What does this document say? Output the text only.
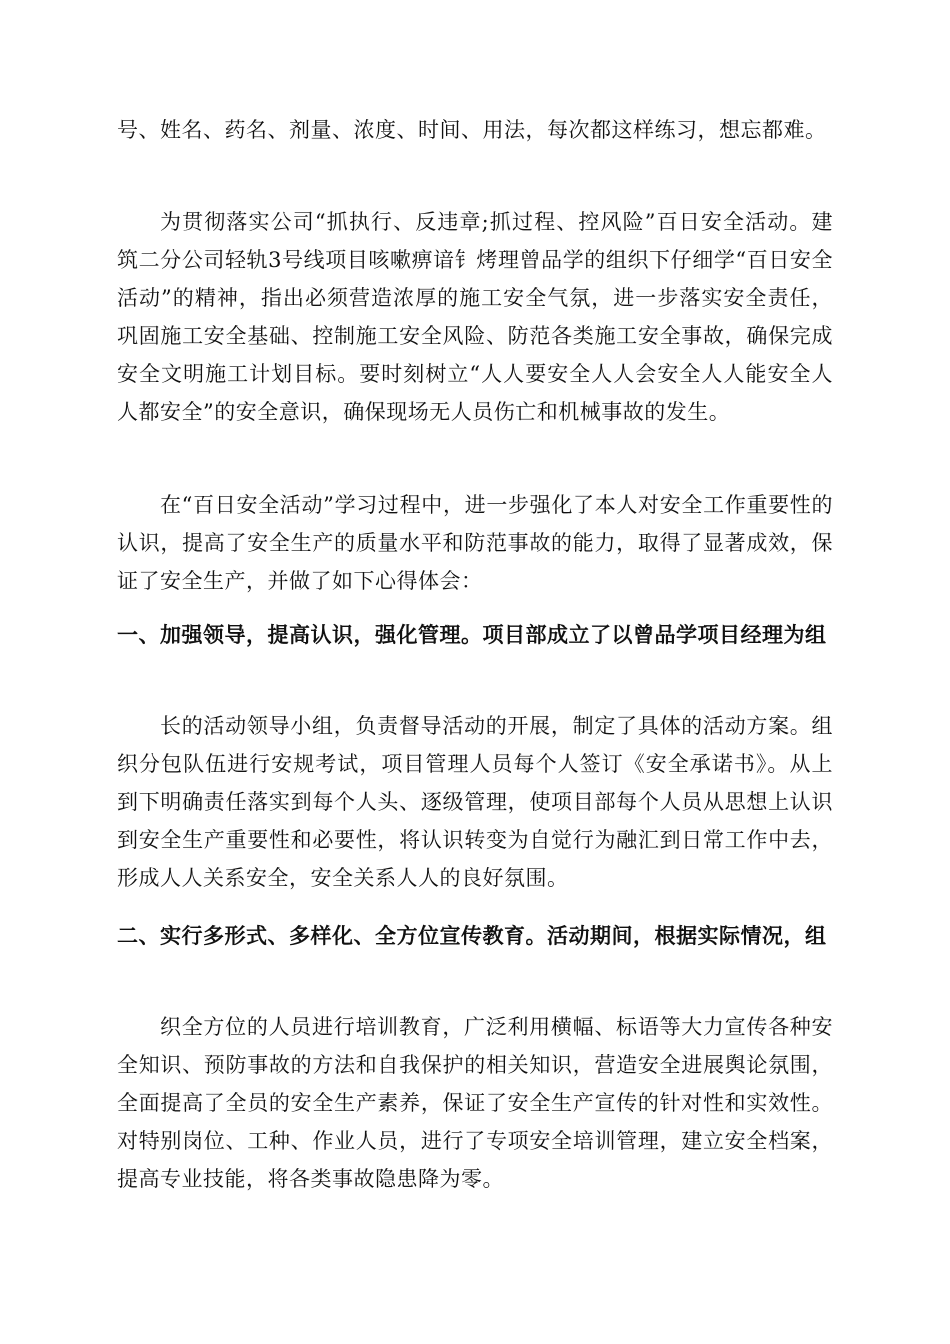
号、姓名、药名、剂量、浓度、时间、用法，每次都这样练习，想忘都难。

为贯彻落实公司“抓执行、反违章;抓过程、控风险”百日安全活动。建筑二分公司轻轨3号线项目咳嗽痹谙钅烤理曾品学的组织下仔细学“百日安全活动”的精神，指出必须营造浓厚的施工安全气氛，进一步落实安全责任，巩固施工安全基础、控制施工安全风险、防范各类施工安全事故，确保完成安全文明施工计划目标。要时刻树立“人人要安全人人会安全人人能安全人人都安全”的安全意识，确保现场无人员伤亡和机械事故的发生。

在“百日安全活动”学习过程中，进一步强化了本人对安全工作重要性的认识，提高了安全生产的质量水平和防范事故的能力，取得了显著成效，保证了安全生产，并做了如下心得体会：

一、加强领导，提高认识，强化管理。项目部成立了以曾品学项目经理为组

长的活动领导小组，负责督导活动的开展，制定了具体的活动方案。组织分包队伍进行安规考试，项目管理人员每个人签订《安全承诺书》。从上到下明确责任落实到每个人头、逐级管理，使项目部每个人员从思想上认识到安全生产重要性和必要性，将认识转变为自觉行为融汇到日常工作中去，形成人人关系安全，安全关系人人的良好氛围。

二、实行多形式、多样化、全方位宣传教育。活动期间，根据实际情况，组

织全方位的人员进行培训教育，广泛利用横幅、标语等大力宣传各种安全知识、预防事故的方法和自我保护的相关知识，营造安全进展舆论氛围，全面提高了全员的安全生产素养，保证了安全生产宣传的针对性和实效性。对特别岗位、工种、作业人员，进行了专项安全培训管理，建立安全档案，提高专业技能，将各类事故隐患降为零。
